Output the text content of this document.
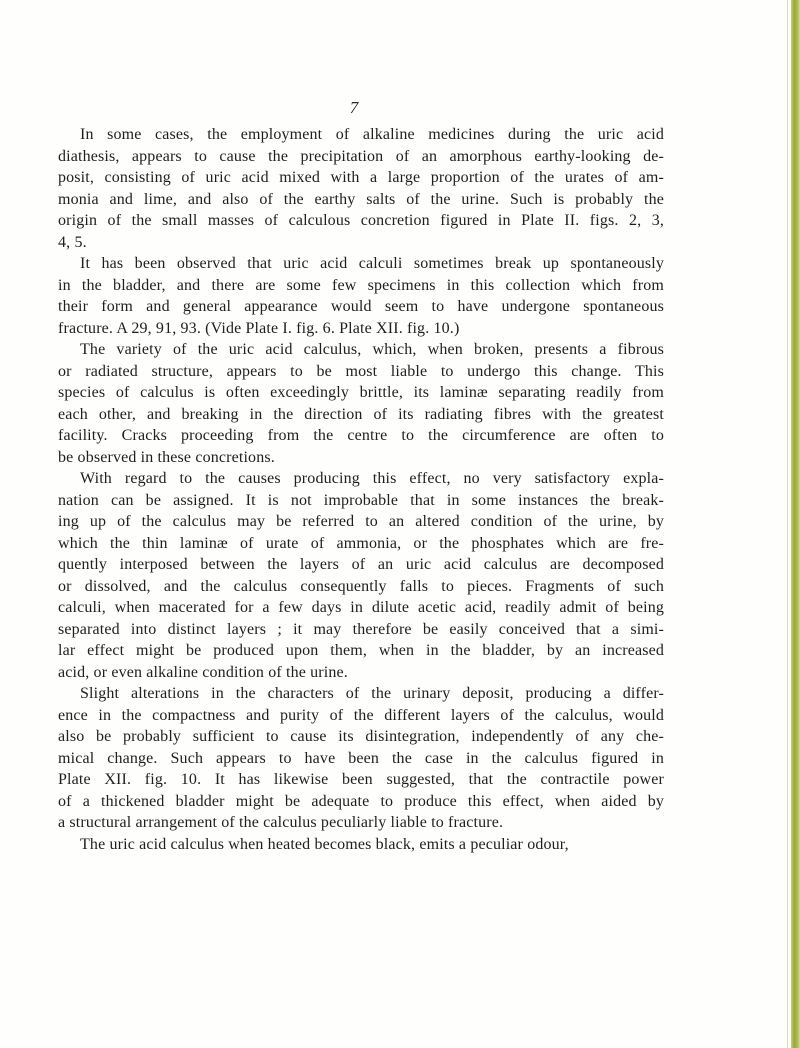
7
In some cases, the employment of alkaline medicines during the uric acid
diathesis, appears to cause the precipitation of an amorphous earthy-looking de-
posit, consisting of uric acid mixed with a large proportion of the urates of am-
monia and lime, and also of the earthy salts of the urine. Such is probably the
origin of the small masses of calculous concretion figured in Plate II. figs. 2, 3,
4, 5.
It has been observed that uric acid calculi sometimes break up spontaneously
in the bladder, and there are some few specimens in this collection which from
their form and general appearance would seem to have undergone spontaneous
fracture. A 29, 91, 93. (Vide Plate I. fig. 6. Plate XII. fig. 10.)
The variety of the uric acid calculus, which, when broken, presents a fibrous
or radiated structure, appears to be most liable to undergo this change. This
species of calculus is often exceedingly brittle, its laminæ separating readily from
each other, and breaking in the direction of its radiating fibres with the greatest
facility. Cracks proceeding from the centre to the circumference are often to
be observed in these concretions.
With regard to the causes producing this effect, no very satisfactory expla-
nation can be assigned. It is not improbable that in some instances the break-
ing up of the calculus may be referred to an altered condition of the urine, by
which the thin laminæ of urate of ammonia, or the phosphates which are fre-
quently interposed between the layers of an uric acid calculus are decomposed
or dissolved, and the calculus consequently falls to pieces. Fragments of such
calculi, when macerated for a few days in dilute acetic acid, readily admit of being
separated into distinct layers ; it may therefore be easily conceived that a simi-
lar effect might be produced upon them, when in the bladder, by an increased
acid, or even alkaline condition of the urine.
Slight alterations in the characters of the urinary deposit, producing a differ-
ence in the compactness and purity of the different layers of the calculus, would
also be probably sufficient to cause its disintegration, independently of any che-
mical change. Such appears to have been the case in the calculus figured in
Plate XII. fig. 10. It has likewise been suggested, that the contractile power
of a thickened bladder might be adequate to produce this effect, when aided by
a structural arrangement of the calculus peculiarly liable to fracture.
The uric acid calculus when heated becomes black, emits a peculiar odour,
